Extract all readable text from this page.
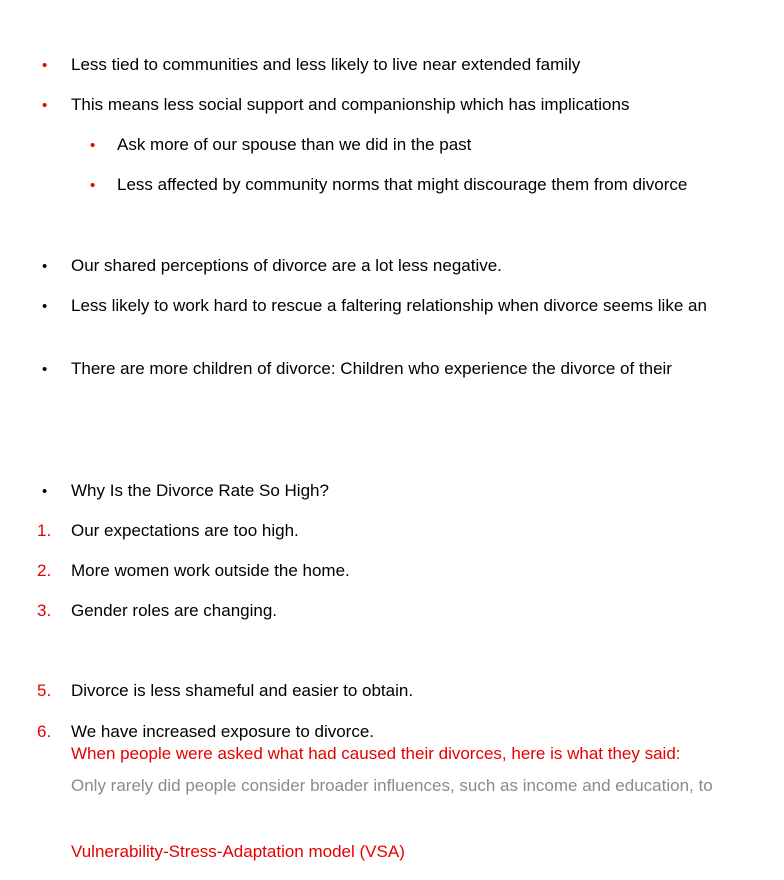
• Less tied to communities and less likely to live near extended family
• This means less social support and companionship which has implications
• Ask more of our spouse than we did in the past
• Less affected by community norms that might discourage them from divorce
• Our shared perceptions of divorce are a lot less negative.
• Less likely to work hard to rescue a faltering relationship when divorce seems like an
• There are more children of divorce: Children who experience the divorce of their
• Why Is the Divorce Rate So High?
1. Our expectations are too high.
2. More women work outside the home.
3. Gender roles are changing.
5. Divorce is less shameful and easier to obtain.
6. We have increased exposure to divorce.
When people were asked what had caused their divorces, here is what they said:
Only rarely did people consider broader influences, such as income and education, to
Vulnerability-Stress-Adaptation model (VSA)
